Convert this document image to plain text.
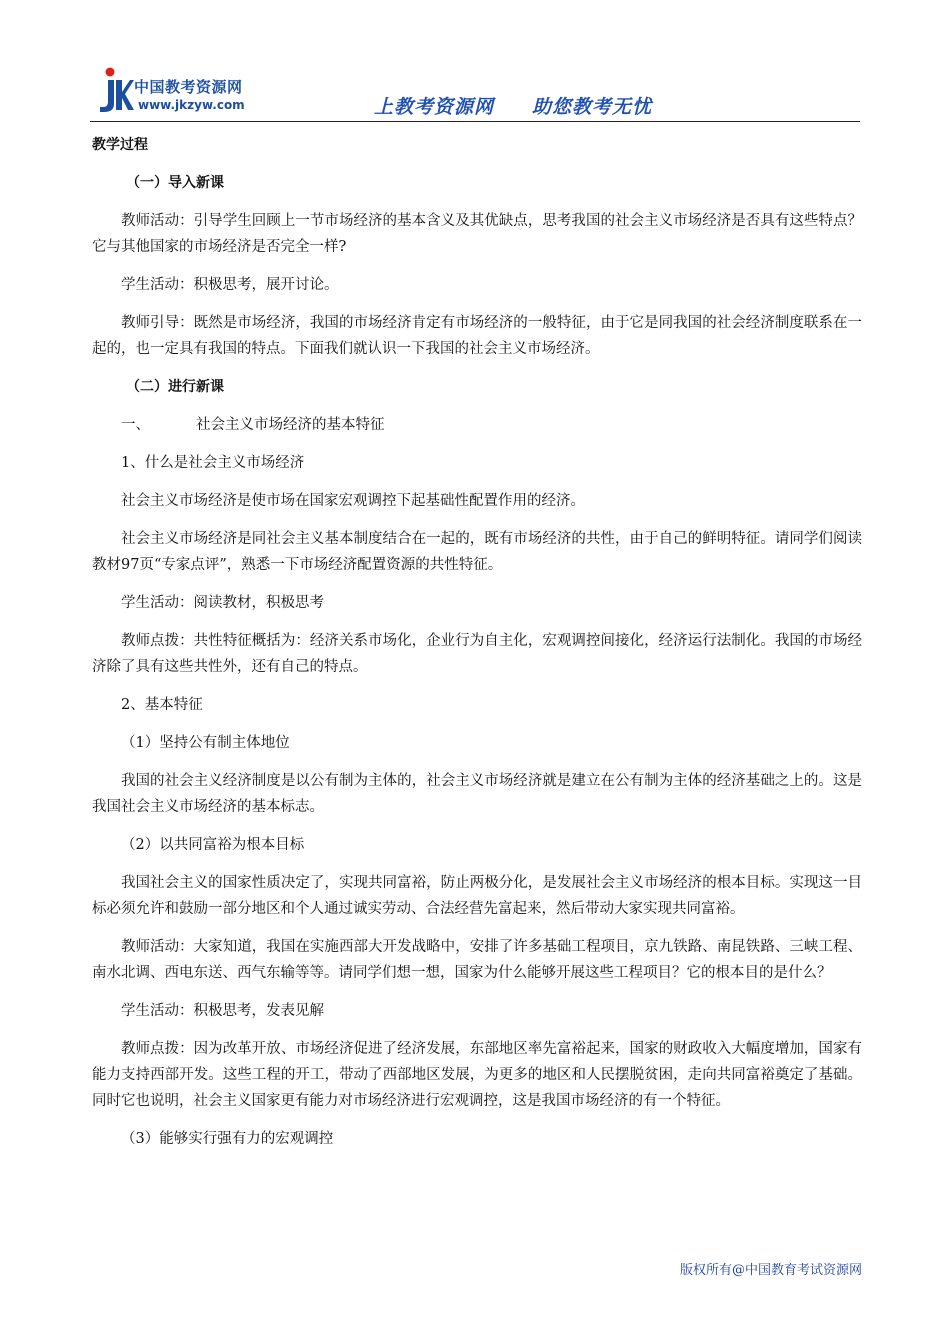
中国教考资源网
www.jkzyw.com	上教考资源网 助您教考无忧

教学过程

（一）导入新课

教师活动：引导学生回顾上一节市场经济的基本含义及其优缺点，思考我国的社会主义市场经济是否具有这些特点？它与其他国家的市场经济是否完全一样?

学生活动：积极思考，展开讨论。

教师引导：既然是市场经济，我国的市场经济肯定有市场经济的一般特征，由于它是同我国的社会经济制度联系在一起的，也一定具有我国的特点。下面我们就认识一下我国的社会主义市场经济。

（二）进行新课

一、	社会主义市场经济的基本特征

1、什么是社会主义市场经济

社会主义市场经济是使市场在国家宏观调控下起基础性配置作用的经济。

社会主义市场经济是同社会主义基本制度结合在一起的，既有市场经济的共性，由于自己的鲜明特征。请同学们阅读教材97页“专家点评”，熟悉一下市场经济配置资源的共性特征。

学生活动：阅读教材，积极思考

教师点拨：共性特征概括为：经济关系市场化，企业行为自主化，宏观调控间接化，经济运行法制化。我国的市场经济除了具有这些共性外，还有自己的特点。

2、基本特征

（1）坚持公有制主体地位

我国的社会主义经济制度是以公有制为主体的，社会主义市场经济就是建立在公有制为主体的经济基础之上的。这是我国社会主义市场经济的基本标志。

（2）以共同富裕为根本目标

我国社会主义的国家性质决定了，实现共同富裕，防止两极分化，是发展社会主义市场经济的根本目标。实现这一目标必须允许和鼓励一部分地区和个人通过诚实劳动、合法经营先富起来，然后带动大家实现共同富裕。

教师活动：大家知道，我国在实施西部大开发战略中，安排了许多基础工程项目，京九铁路、南昆铁路、三峡工程、南水北调、西电东送、西气东输等等。请同学们想一想，国家为什么能够开展这些工程项目？它的根本目的是什么？

学生活动：积极思考，发表见解

教师点拨：因为改革开放、市场经济促进了经济发展，东部地区率先富裕起来，国家的财政收入大幅度增加，国家有能力支持西部开发。这些工程的开工，带动了西部地区发展，为更多的地区和人民摆脱贫困，走向共同富裕奠定了基础。同时它也说明，社会主义国家更有能力对市场经济进行宏观调控，这是我国市场经济的有一个特征。

（3）能够实行强有力的宏观调控

版权所有@中国教育考试资源网
